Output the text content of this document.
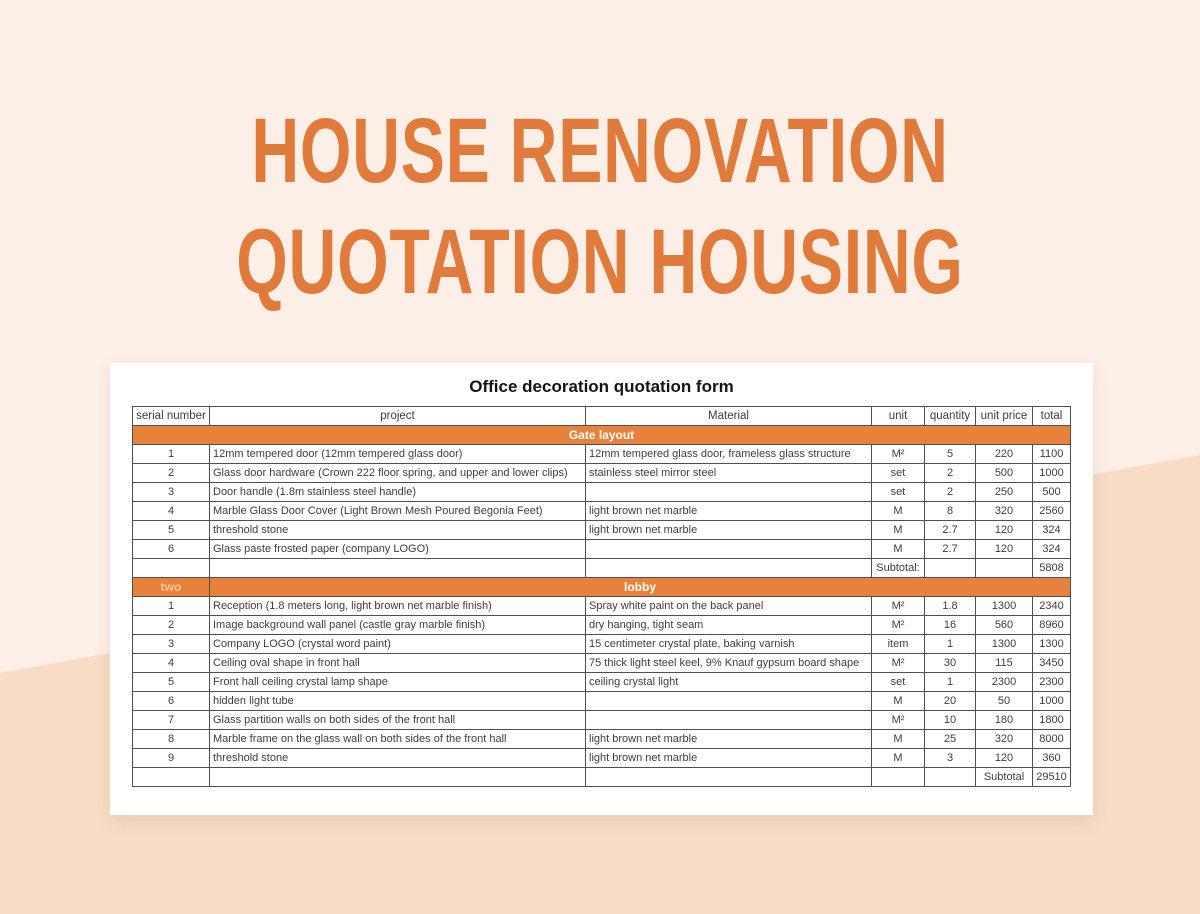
HOUSE RENOVATION
QUOTATION HOUSING
Office decoration quotation form
serial number	project	Material	unit	quantity	unit price	total
Gate layout						
1	12mm tempered door (12mm tempered glass door)	12mm tempered glass door, frameless glass structure	M²	5	220	1100
2	Glass door hardware (Crown 222 floor spring, and upper and lower clips)	stainless steel mirror steel	set	2	500	1000
3	Door handle (1.8m stainless steel handle)		set	2	250	500
4	Marble Glass Door Cover (Light Brown Mesh Poured Begonia Feet)	light brown net marble	M	8	320	2560
5	threshold stone	light brown net marble	M	2.7	120	324
6	Glass paste frosted paper (company LOGO)		M	2.7	120	324
			Subtotal:			5808
two	lobby					
1	Reception (1.8 meters long, light brown net marble finish)	Spray white paint on the back panel	M²	1.8	1300	2340
2	Image background wall panel (castle gray marble finish)	dry hanging, tight seam	M²	16	560	8960
3	Company LOGO (crystal word paint)	15 centimeter crystal plate, baking varnish	item	1	1300	1300
4	Ceiling oval shape in front hall	75 thick light steel keel, 9% Knauf gypsum board shape	M²	30	115	3450
5	Front hall ceiling crystal lamp shape	ceiling crystal light	set	1	2300	2300
6	hidden light tube		M	20	50	1000
7	Glass partition walls on both sides of the front hall		M²	10	180	1800
8	Marble frame on the glass wall on both sides of the front hall	light brown net marble	M	25	320	8000
9	threshold stone	light brown net marble	M	3	120	360
					Subtotal	29510
